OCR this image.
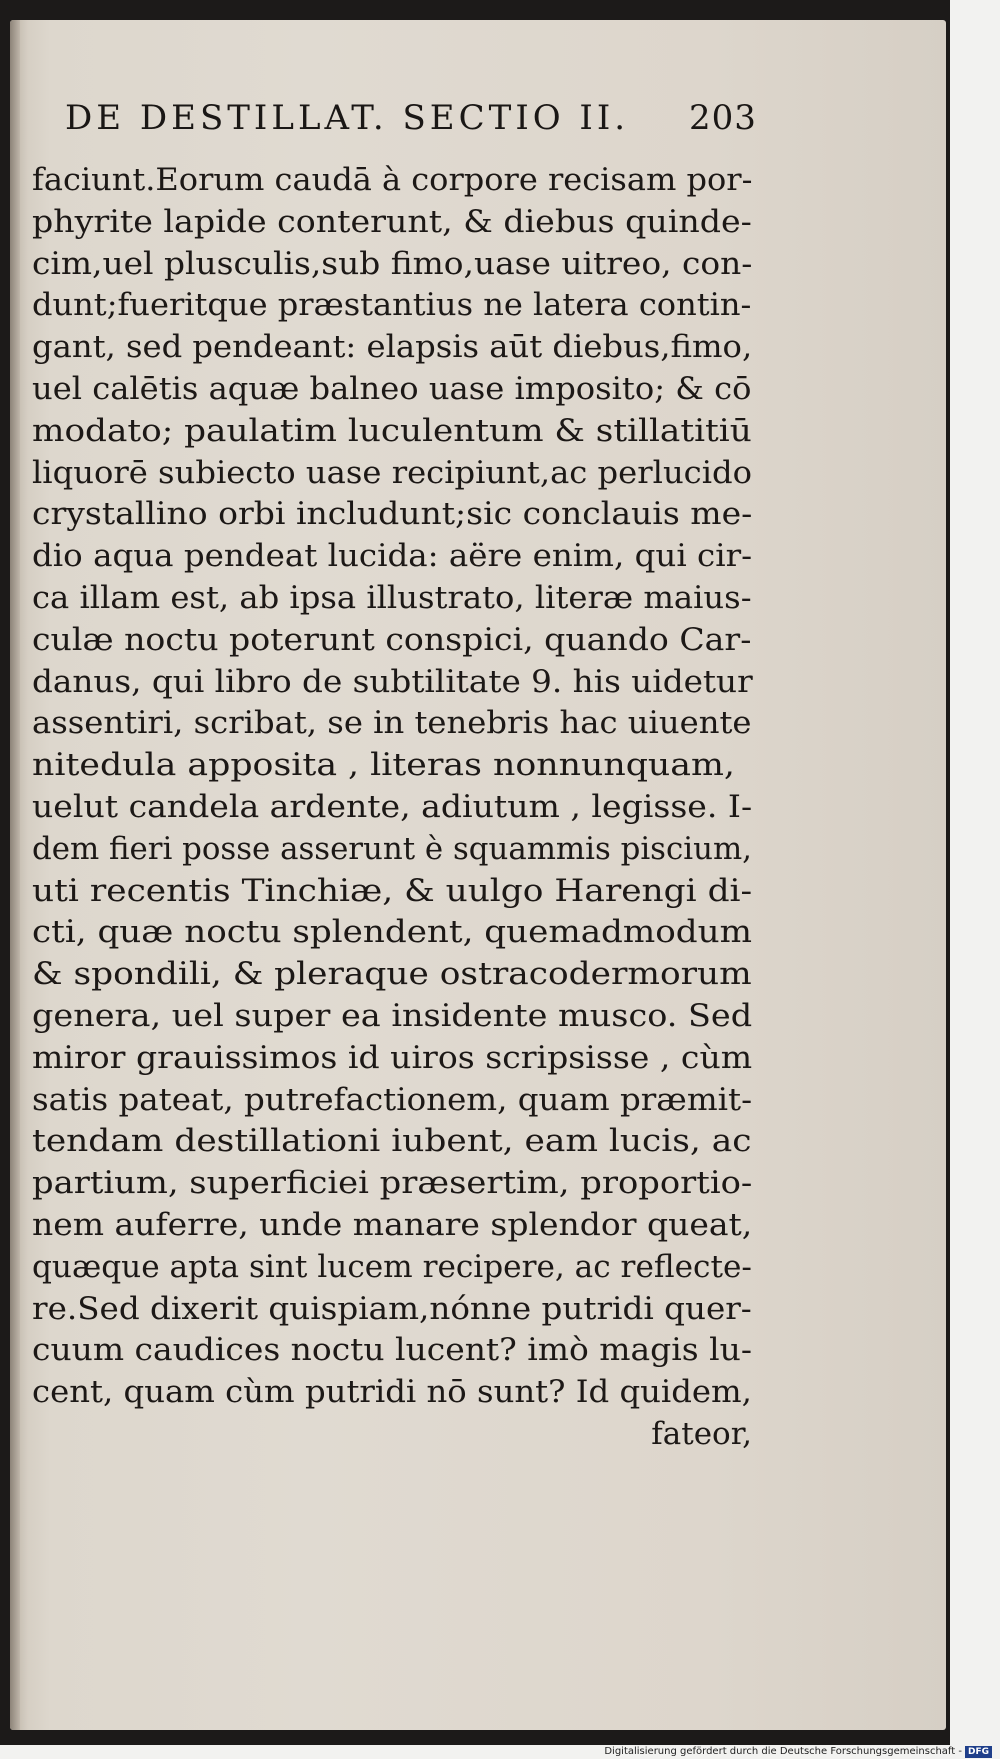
DE DESTILLAT. SECTIO II. 203
faciunt.Eorum caudā à corpore recisam por-
phyrite lapide conterunt, & diebus quinde-
cim,uel plusculis,sub fimo,uase uitreo, con-
dunt;fueritque præstantius ne latera contin-
gant, sed pendeant: elapsis aūt diebus,fimo,
uel calētis aquæ balneo uase imposito; & cō
modato; paulatim luculentum & stillatitiū
liquorē subiecto uase recipiunt,ac perlucido
crystallino orbi includunt;sic conclauis me-
dio aqua pendeat lucida: aëre enim, qui cir-
ca illam est, ab ipsa illustrato, literæ maius-
culæ noctu poterunt conspici, quando Car-
danus, qui libro de subtilitate 9. his uidetur
assentiri, scribat, se in tenebris hac uiuente
nitedula apposita , literas nonnunquam,
uelut candela ardente, adiutum , legisse. I-
dem fieri posse asserunt è squammis piscium,
uti recentis Tinchiæ, & uulgo Harengi di-
cti, quæ noctu splendent, quemadmodum
& spondili, & pleraque ostracodermorum
genera, uel super ea insidente musco. Sed
miror grauissimos id uiros scripsisse , cùm
satis pateat, putrefactionem, quam præmit-
tendam destillationi iubent, eam lucis, ac
partium, superficiei præsertim, proportio-
nem auferre, unde manare splendor queat,
quæque apta sint lucem recipere, ac reflecte-
re.Sed dixerit quispiam,nónne putridi quer-
cuum caudices noctu lucent? imò magis lu-
cent, quam cùm putridi nō sunt? Id quidem,
fateor,
Digitalisierung gefördert durch die Deutsche Forschungsgemeinschaft - DFG
